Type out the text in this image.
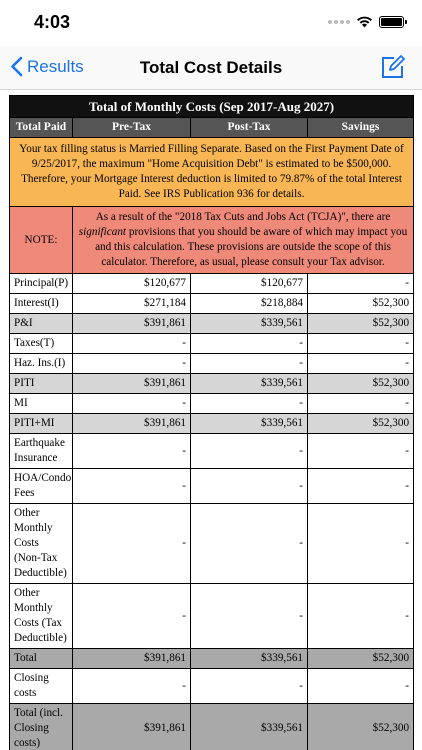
4:03
Results	Total Cost Details
Total of Monthly Costs (Sep 2017-Aug 2027)			
Total Paid	Pre-Tax	Post-Tax	Savings
Your tax filling status is Married Filling Separate. Based on the First Payment Date of 9/25/2017, the maximum "Home Acquisition Debt" is estimated to be $500,000. Therefore, your Mortgage Interest deduction is limited to 79.87% of the total Interest Paid. See IRS Publication 936 for details.			
NOTE:	As a result of the "2018 Tax Cuts and Jobs Act (TCJA)", there are significant provisions that you should be aware of which may impact you and this calculation. These provisions are outside the scope of this calculator. Therefore, as usual, please consult your Tax advisor.		
Principal(P)	$120,677	$120,677	-
Interest(I)	$271,184	$218,884	$52,300
P&I	$391,861	$339,561	$52,300
Taxes(T)	-	-	-
Haz. Ins.(I)	-	-	-
PITI	$391,861	$339,561	$52,300
MI	-	-	-
PITI+MI	$391,861	$339,561	$52,300
Earthquake Insurance	-	-	-
HOA/Condo Fees	-	-	-
Other Monthly Costs (Non-Tax Deductible)	-	-	-
Other Monthly Costs (Tax Deductible)	-	-	-
Total	$391,861	$339,561	$52,300
Closing costs	-	-	-
Total (incl. Closing costs)	$391,861	$339,561	$52,300
